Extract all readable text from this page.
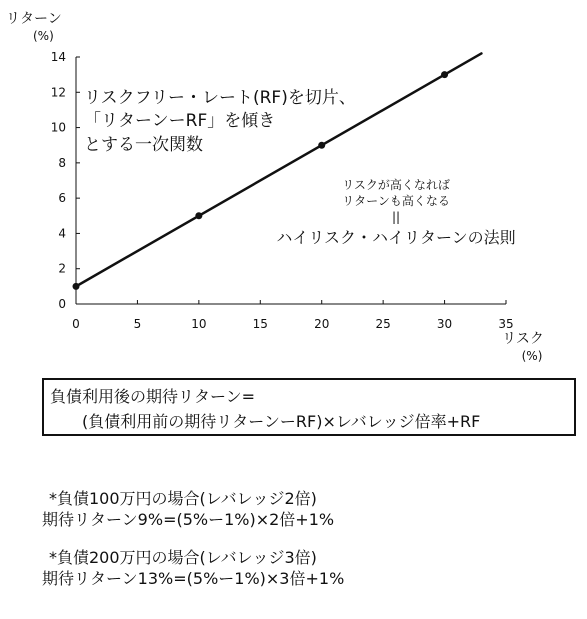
0	5	10	15	20	25	30	35
0
2
4
6
8
10
12
14
リターン
(%)
リスク
(%)
リスクフリー・レート(RF)を切片、
「リターンーRF」を傾き
とする一次関数
リスクが高くなれば
リターンも高くなる
||
ハイリスク・ハイリターンの法則
負債利用後の期待リターン=
(負債利用前の期待リターンーRF)×レバレッジ倍率+RF
*負債100万円の場合(レバレッジ2倍)
期待リターン9%=(5%ー1%)×2倍+1%
*負債200万円の場合(レバレッジ3倍)
期待リターン13%=(5%ー1%)×3倍+1%
